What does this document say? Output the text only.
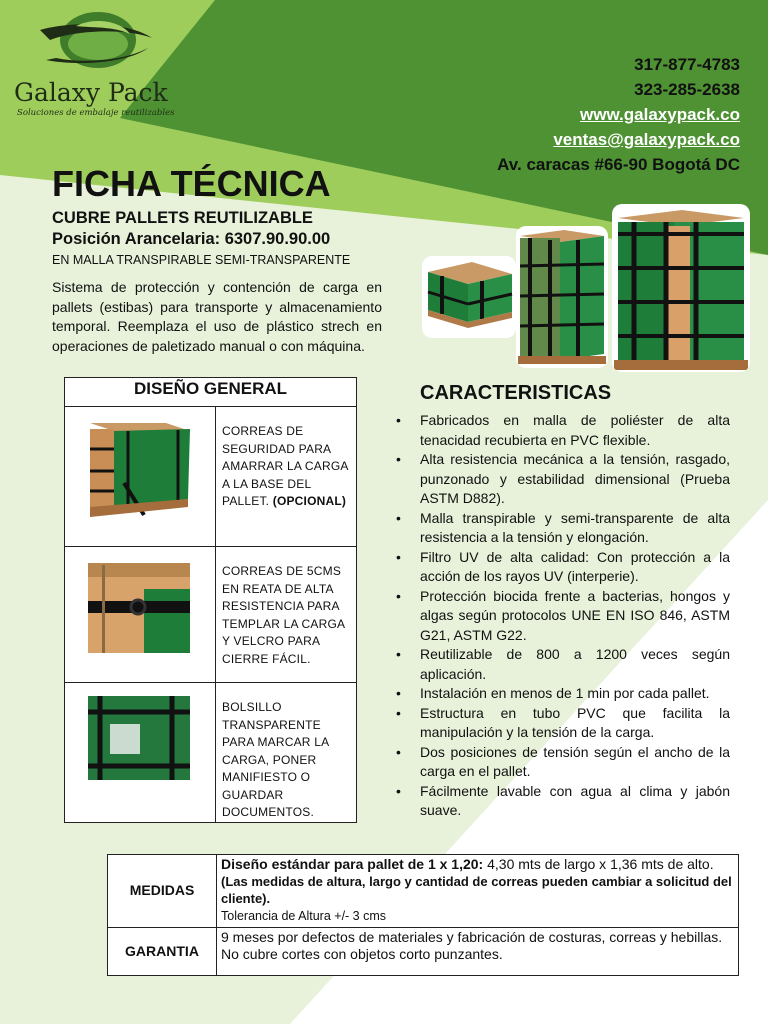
Galaxy Pack
Soluciones de embalaje reutilizables
317-877-4783
323-285-2638
www.galaxypack.co
ventas@galaxypack.co
Av. caracas #66-90 Bogotá DC
FICHA TÉCNICA
CUBRE PALLETS REUTILIZABLE
Posición Arancelaria: 6307.90.90.00
EN MALLA TRANSPIRABLE SEMI-TRANSPARENTE
Sistema de protección y contención de carga en pallets (estibas) para transporte y almacenamiento temporal. Reemplaza el uso de plástico strech en operaciones de paletizado manual o con máquina.
DISEÑO GENERAL	

	CORREAS DE SEGURIDAD PARA AMARRAR LA CARGA A LA BASE DEL PALLET. (OPCIONAL)

	CORREAS DE 5CMS EN REATA DE ALTA RESISTENCIA PARA TEMPLAR LA CARGA Y VELCRO PARA CIERRE FÁCIL.

	BOLSILLO TRANSPARENTE PARA MARCAR LA CARGA, PONER MANIFIESTO O GUARDAR DOCUMENTOS.
CARACTERISTICAS
• Fabricados en malla de poliéster de alta tenacidad recubierta en PVC flexible.
• Alta resistencia mecánica a la tensión, rasgado, punzonado y estabilidad dimensional (Prueba ASTM D882).
• Malla transpirable y semi-transparente de alta resistencia a la tensión y elongación.
• Filtro UV de alta calidad: Con protección a la acción de los rayos UV (interperie).
• Protección biocida frente a bacterias, hongos y algas según protocolos UNE EN ISO 846, ASTM G21, ASTM G22.
• Reutilizable de 800 a 1200 veces según aplicación.
• Instalación en menos de 1 min por cada pallet.
• Estructura en tubo PVC que facilita la manipulación y la tensión de la carga.
• Dos posiciones de tensión según el ancho de la carga en el pallet.
• Fácilmente lavable con agua al clima y jabón suave.
MEDIDAS	Diseño estándar para pallet de 1 x 1,20: 4,30 mts de largo x 1,36 mts de alto. (Las medidas de altura, largo y cantidad de correas pueden cambiar a solicitud del cliente).
Tolerancia de Altura +/- 3 cms
GARANTIA	9 meses por defectos de materiales y fabricación de costuras, correas y hebillas. No cubre cortes con objetos corto punzantes.
